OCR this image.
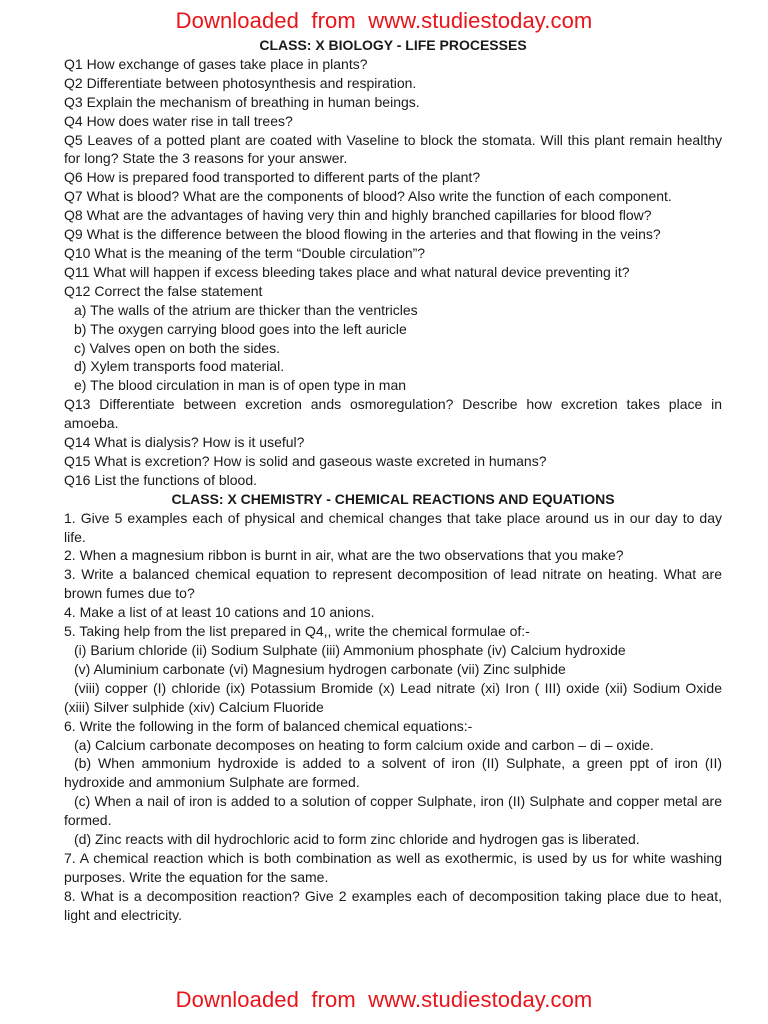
Downloaded  from  www.studiestoday.com
CLASS: X BIOLOGY - LIFE PROCESSES

Q1 How exchange of gases take place in plants?

Q2 Differentiate between photosynthesis and respiration.

Q3 Explain the mechanism of breathing in human beings.

Q4 How does water rise in tall trees?

Q5 Leaves of a potted plant are coated with Vaseline to block the stomata. Will this plant remain healthy for long? State the 3 reasons for your answer.

Q6 How is prepared food transported to different parts of the plant?

Q7 What is blood? What are the components of blood? Also write the function of each component.

Q8 What are the advantages of having very thin and highly branched capillaries for blood flow?

Q9 What is the difference between the blood flowing in the arteries and that flowing in the veins?

Q10 What is the meaning of the term “Double circulation”?

Q11 What will happen if excess bleeding takes place and what natural device preventing it?

Q12 Correct the false statement

a) The walls of the atrium are thicker than the ventricles

b) The oxygen carrying blood goes into the left auricle

c) Valves open on both the sides.

d) Xylem transports food material.

e) The blood circulation in man is of open type in man

Q13 Differentiate between excretion ands osmoregulation? Describe how excretion takes place in amoeba.

Q14 What is dialysis? How is it useful?

Q15 What is excretion? How is solid and gaseous waste excreted in humans?

Q16 List the functions of blood.

CLASS: X CHEMISTRY - CHEMICAL REACTIONS AND EQUATIONS

1. Give 5 examples each of physical and chemical changes that take place around us in our day to day life.

2. When a magnesium ribbon is burnt in air, what are the two observations that you make?

3. Write a balanced chemical equation to represent decomposition of lead nitrate on heating. What are brown fumes due to?

4. Make a list of at least 10 cations and 10 anions.

5. Taking help from the list prepared in Q4,, write the chemical formulae of:-

(i) Barium chloride (ii) Sodium Sulphate (iii) Ammonium phosphate (iv) Calcium hydroxide

(v) Aluminium carbonate (vi) Magnesium hydrogen carbonate (vii) Zinc sulphide

(viii) copper (I) chloride (ix) Potassium Bromide (x) Lead nitrate (xi) Iron ( III) oxide (xii) Sodium Oxide (xiii) Silver sulphide (xiv) Calcium Fluoride

6. Write the following in the form of balanced chemical equations:-

(a) Calcium carbonate decomposes on heating to form calcium oxide and carbon – di – oxide.

(b) When ammonium hydroxide is added to a solvent of iron (II) Sulphate, a green ppt of iron (II) hydroxide and ammonium Sulphate are formed.

(c) When a nail of iron is added to a solution of copper Sulphate, iron (II) Sulphate and copper metal are formed.

(d) Zinc reacts with dil hydrochloric acid to form zinc chloride and hydrogen gas is liberated.

7. A chemical reaction which is both combination as well as exothermic, is used by us for white washing purposes. Write the equation for the same.

8. What is a decomposition reaction? Give 2 examples each of decomposition taking place due to heat, light and electricity.

Downloaded  from  www.studiestoday.com
